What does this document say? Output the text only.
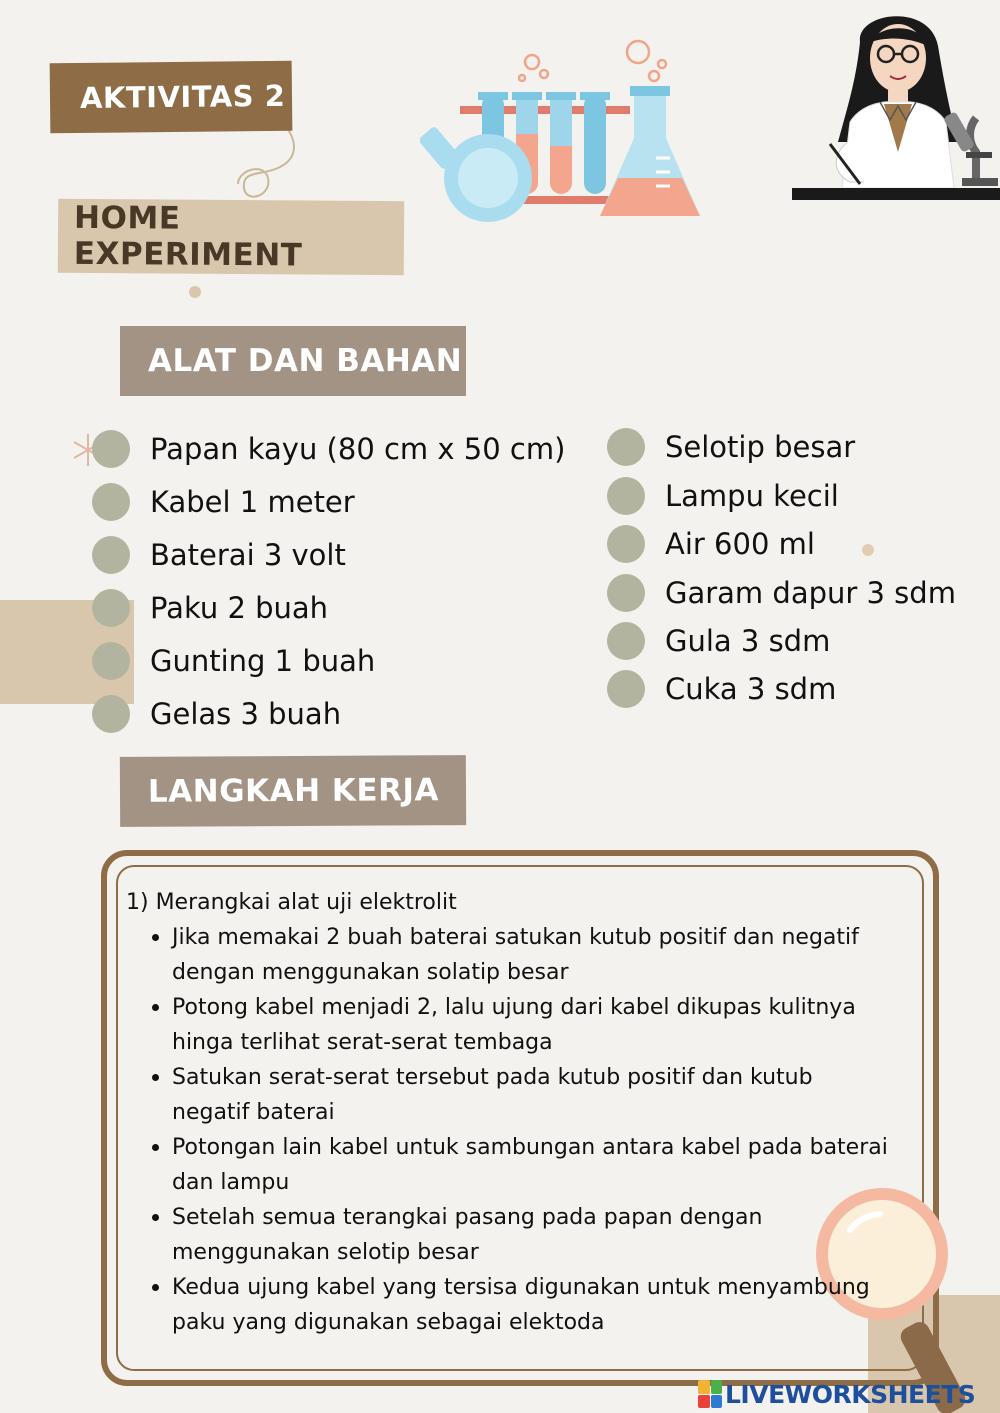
AKTIVITAS 2
HOME EXPERIMENT
ALAT DAN BAHAN
LANGKAH KERJA
Papan kayu (80 cm x 50 cm)
Kabel 1 meter
Baterai 3 volt
Paku 2 buah
Gunting 1 buah
Gelas 3 buah
Selotip besar
Lampu kecil
Air 600 ml
Garam dapur 3 sdm
Gula 3 sdm
Cuka 3 sdm

1) Merangkai alat uji elektrolit

Jika memakai 2 buah baterai satukan kutub positif dan negatif dengan menggunakan solatip besar
Potong kabel menjadi 2, lalu ujung dari kabel dikupas kulitnya hinga terlihat serat-serat tembaga
Satukan serat-serat tersebut pada kutub positif dan kutub negatif baterai
Potongan lain kabel untuk sambungan antara kabel pada baterai dan lampu
Setelah semua terangkai pasang pada papan dengan menggunakan selotip besar
Kedua ujung kabel yang tersisa digunakan untuk menyambung paku yang digunakan sebagai elektoda
LIVEWORKSHEETS
